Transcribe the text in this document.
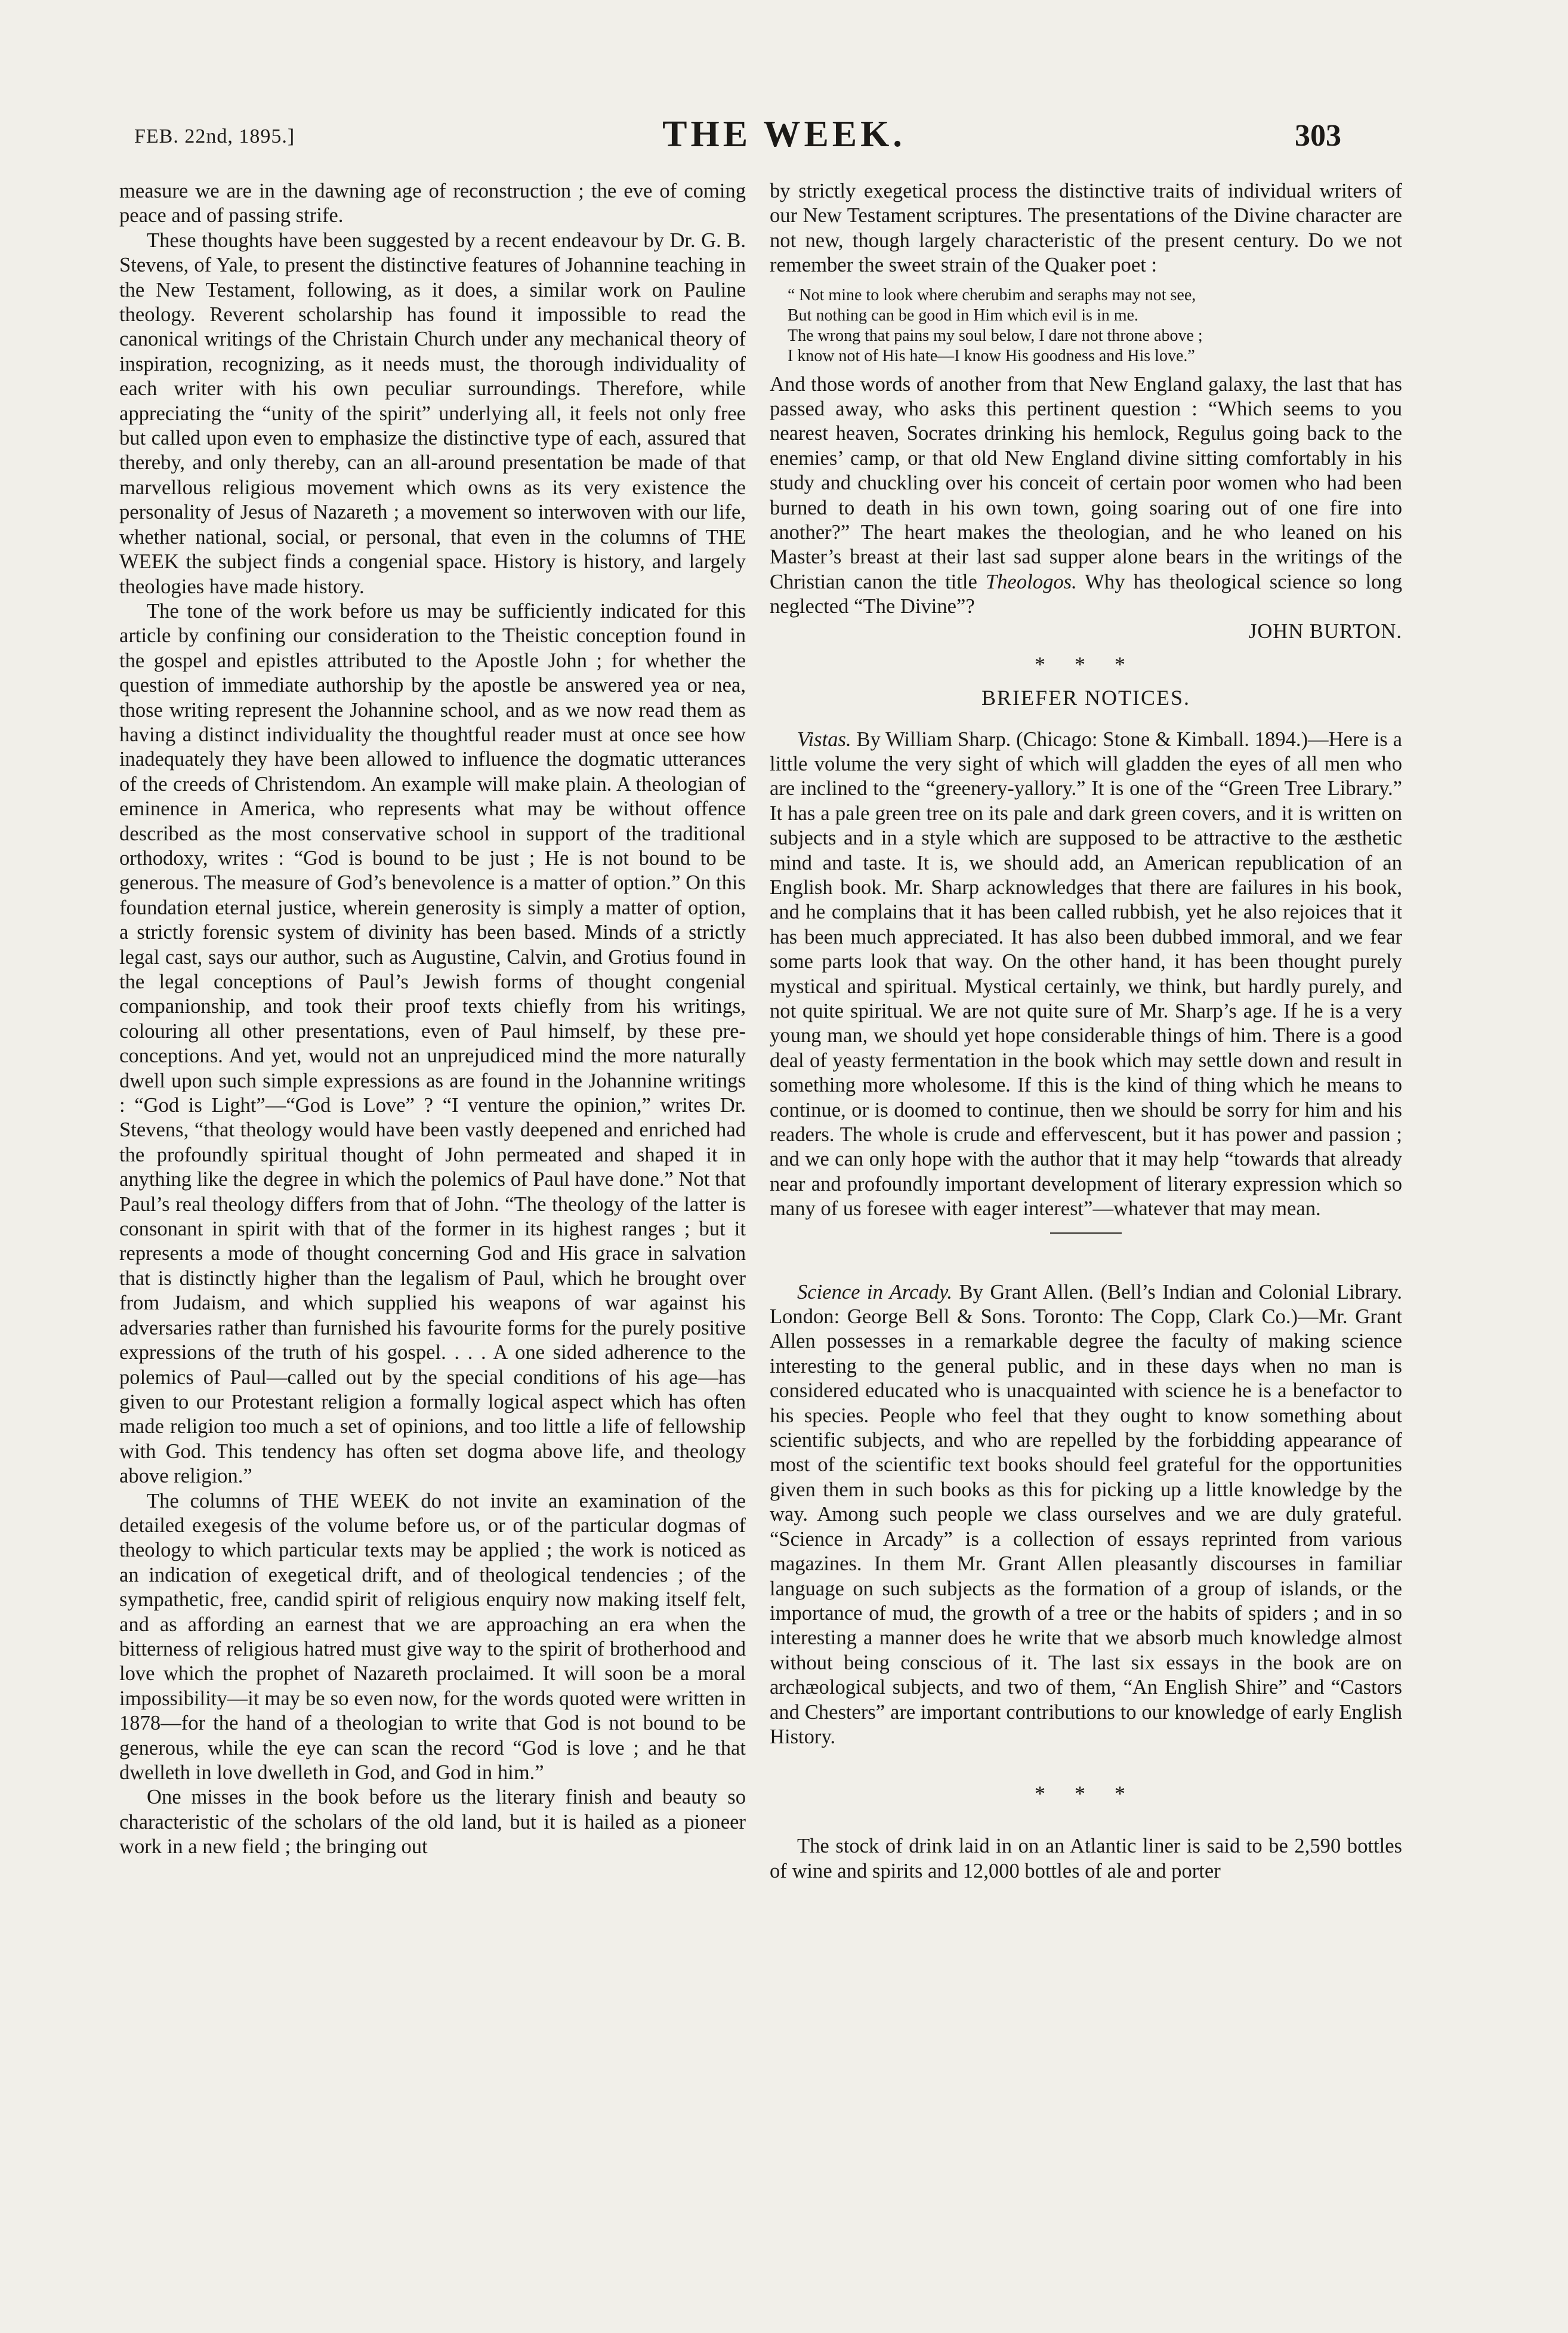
FEB. 22nd, 1895.]	THE WEEK.	303

measure we are in the dawning age of reconstruction ; the eve of coming peace and of passing strife.

These thoughts have been suggested by a recent endeavour by Dr. G. B. Stevens, of Yale, to present the distinctive features of Johannine teaching in the New Testament, following, as it does, a similar work on Pauline theology. Reverent scholarship has found it impossible to read the canonical writings of the Christain Church under any mechanical theory of inspiration, recognizing, as it needs must, the thorough individuality of each writer with his own peculiar surroundings. Therefore, while appreciating the “unity of the spirit” underlying all, it feels not only free but called upon even to emphasize the distinctive type of each, assured that thereby, and only thereby, can an all-around presentation be made of that marvellous religious movement which owns as its very existence the personality of Jesus of Nazareth ; a movement so interwoven with our life, whether national, social, or personal, that even in the columns of THE WEEK the subject finds a congenial space. History is history, and largely theologies have made history.

The tone of the work before us may be sufficiently indicated for this article by confining our consideration to the Theistic conception found in the gospel and epistles attributed to the Apostle John ; for whether the question of immediate authorship by the apostle be answered yea or nea, those writing represent the Johannine school, and as we now read them as having a distinct individuality the thoughtful reader must at once see how inadequately they have been allowed to influence the dogmatic utterances of the creeds of Christendom. An example will make plain. A theologian of eminence in America, who represents what may be without offence described as the most conservative school in support of the traditional orthodoxy, writes : “God is bound to be just ; He is not bound to be generous. The measure of God’s benevolence is a matter of option.” On this foundation eternal justice, wherein generosity is simply a matter of option, a strictly forensic system of divinity has been based. Minds of a strictly legal cast, says our author, such as Augustine, Calvin, and Grotius found in the legal conceptions of Paul’s Jewish forms of thought congenial companionship, and took their proof texts chiefly from his writings, colouring all other presentations, even of Paul himself, by these pre-conceptions. And yet, would not an unprejudiced mind the more naturally dwell upon such simple expressions as are found in the Johannine writings : “God is Light”—“God is Love” ? “I venture the opinion,” writes Dr. Stevens, “that theology would have been vastly deepened and enriched had the profoundly spiritual thought of John permeated and shaped it in anything like the degree in which the polemics of Paul have done.” Not that Paul’s real theology differs from that of John. “The theology of the latter is consonant in spirit with that of the former in its highest ranges ; but it represents a mode of thought concerning God and His grace in salvation that is distinctly higher than the legalism of Paul, which he brought over from Judaism, and which supplied his weapons of war against his adversaries rather than furnished his favourite forms for the purely positive expressions of the truth of his gospel. . . . A one sided adherence to the polemics of Paul—called out by the special conditions of his age—has given to our Protestant religion a formally logical aspect which has often made religion too much a set of opinions, and too little a life of fellowship with God. This tendency has often set dogma above life, and theology above religion.”

The columns of THE WEEK do not invite an examination of the detailed exegesis of the volume before us, or of the particular dogmas of theology to which particular texts may be applied ; the work is noticed as an indication of exegetical drift, and of theological tendencies ; of the sympathetic, free, candid spirit of religious enquiry now making itself felt, and as affording an earnest that we are approaching an era when the bitterness of religious hatred must give way to the spirit of brotherhood and love which the prophet of Nazareth proclaimed. It will soon be a moral impossibility—it may be so even now, for the words quoted were written in 1878—for the hand of a theologian to write that God is not bound to be generous, while the eye can scan the record “God is love ; and he that dwelleth in love dwelleth in God, and God in him.”

One misses in the book before us the literary finish and beauty so characteristic of the scholars of the old land, but it is hailed as a pioneer work in a new field ; the bringing out

by strictly exegetical process the distinctive traits of individual writers of our New Testament scriptures. The presentations of the Divine character are not new, though largely characteristic of the present century. Do we not remember the sweet strain of the Quaker poet :

“ Not mine to look where cherubim and seraphs may not see,
But nothing can be good in Him which evil is in me.
The wrong that pains my soul below, I dare not throne above ;
I know not of His hate—I know His goodness and His love.”

And those words of another from that New England galaxy, the last that has passed away, who asks this pertinent question : “Which seems to you nearest heaven, Socrates drinking his hemlock, Regulus going back to the enemies’ camp, or that old New England divine sitting comfortably in his study and chuckling over his conceit of certain poor women who had been burned to death in his own town, going soaring out of one fire into another?” The heart makes the theologian, and he who leaned on his Master’s breast at their last sad supper alone bears in the writings of the Christian canon the title Theologos. Why has theological science so long neglected “The Divine”?

JOHN BURTON.
* * *
BRIEFER NOTICES.

Vistas. By William Sharp. (Chicago: Stone & Kimball. 1894.)—Here is a little volume the very sight of which will gladden the eyes of all men who are inclined to the “greenery-yallory.” It is one of the “Green Tree Library.” It has a pale green tree on its pale and dark green covers, and it is written on subjects and in a style which are supposed to be attractive to the æsthetic mind and taste. It is, we should add, an American republication of an English book. Mr. Sharp acknowledges that there are failures in his book, and he complains that it has been called rubbish, yet he also rejoices that it has been much appreciated. It has also been dubbed immoral, and we fear some parts look that way. On the other hand, it has been thought purely mystical and spiritual. Mystical certainly, we think, but hardly purely, and not quite spiritual. We are not quite sure of Mr. Sharp’s age. If he is a very young man, we should yet hope considerable things of him. There is a good deal of yeasty fermentation in the book which may settle down and result in something more wholesome. If this is the kind of thing which he means to continue, or is doomed to continue, then we should be sorry for him and his readers. The whole is crude and effervescent, but it has power and passion ; and we can only hope with the author that it may help “towards that already near and profoundly important development of literary expression which so many of us foresee with eager interest”—whatever that may mean.

Science in Arcady. By Grant Allen. (Bell’s Indian and Colonial Library. London: George Bell & Sons. Toronto: The Copp, Clark Co.)—Mr. Grant Allen possesses in a remarkable degree the faculty of making science interesting to the general public, and in these days when no man is considered educated who is unacquainted with science he is a benefactor to his species. People who feel that they ought to know something about scientific subjects, and who are repelled by the forbidding appearance of most of the scientific text books should feel grateful for the opportunities given them in such books as this for picking up a little knowledge by the way. Among such people we class ourselves and we are duly grateful. “Science in Arcady” is a collection of essays reprinted from various magazines. In them Mr. Grant Allen pleasantly discourses in familiar language on such subjects as the formation of a group of islands, or the importance of mud, the growth of a tree or the habits of spiders ; and in so interesting a manner does he write that we absorb much knowledge almost without being conscious of it. The last six essays in the book are on archæological subjects, and two of them, “An English Shire” and “Castors and Chesters” are important contributions to our knowledge of early English History.

* * *

The stock of drink laid in on an Atlantic liner is said to be 2,590 bottles of wine and spirits and 12,000 bottles of ale and porter
